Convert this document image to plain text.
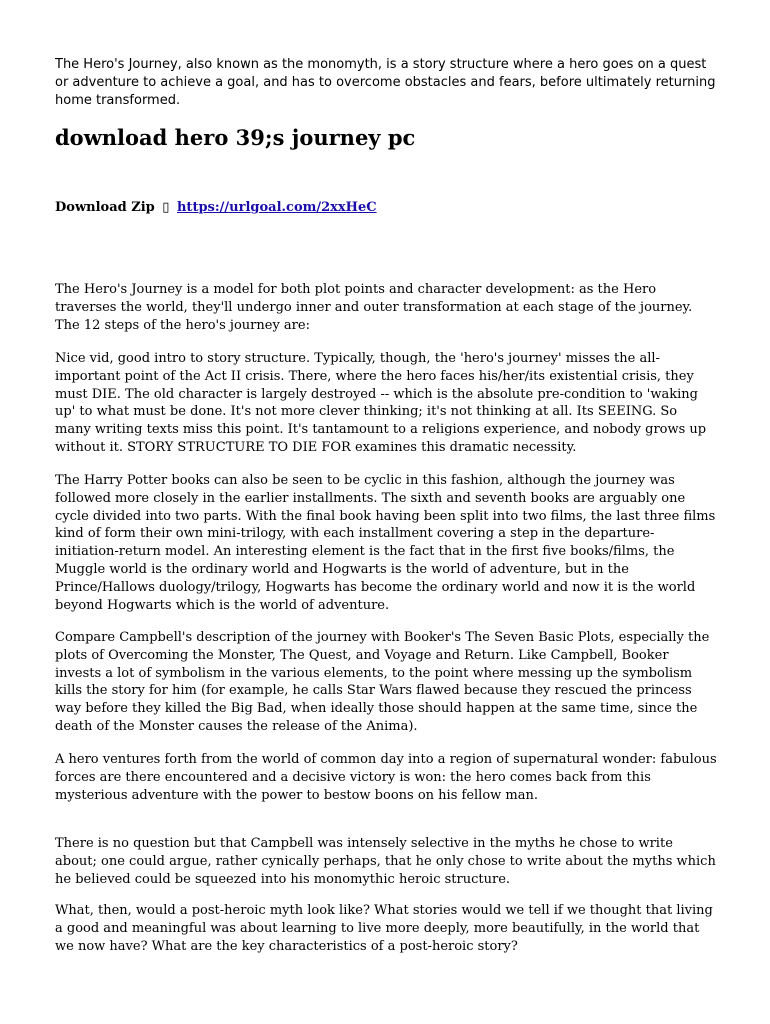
The Hero's Journey, also known as the monomyth, is a story structure where a hero goes on a quest or adventure to achieve a goal, and has to overcome obstacles and fears, before ultimately returning home transformed.

download hero 39;s journey pc

Download Zip ▯ https://urlgoal.com/2xxHeC

The Hero's Journey is a model for both plot points and character development: as the Hero traverses the world, they'll undergo inner and outer transformation at each stage of the journey. The 12 steps of the hero's journey are:

Nice vid, good intro to story structure. Typically, though, the 'hero's journey' misses the all-important point of the Act II crisis. There, where the hero faces his/her/its existential crisis, they must DIE. The old character is largely destroyed -- which is the absolute pre-condition to 'waking up' to what must be done. It's not more clever thinking; it's not thinking at all. Its SEEING. So many writing texts miss this point. It's tantamount to a religions experience, and nobody grows up without it. STORY STRUCTURE TO DIE FOR examines this dramatic necessity.

The Harry Potter books can also be seen to be cyclic in this fashion, although the journey was followed more closely in the earlier installments. The sixth and seventh books are arguably one cycle divided into two parts. With the final book having been split into two films, the last three films kind of form their own mini-trilogy, with each installment covering a step in the departure-initiation-return model. An interesting element is the fact that in the first five books/films, the Muggle world is the ordinary world and Hogwarts is the world of adventure, but in the Prince/Hallows duology/trilogy, Hogwarts has become the ordinary world and now it is the world beyond Hogwarts which is the world of adventure.

Compare Campbell's description of the journey with Booker's The Seven Basic Plots, especially the plots of Overcoming the Monster, The Quest, and Voyage and Return. Like Campbell, Booker invests a lot of symbolism in the various elements, to the point where messing up the symbolism kills the story for him (for example, he calls Star Wars flawed because they rescued the princess way before they killed the Big Bad, when ideally those should happen at the same time, since the death of the Monster causes the release of the Anima).

A hero ventures forth from the world of common day into a region of supernatural wonder: fabulous forces are there encountered and a decisive victory is won: the hero comes back from this mysterious adventure with the power to bestow boons on his fellow man.

There is no question but that Campbell was intensely selective in the myths he chose to write about; one could argue, rather cynically perhaps, that he only chose to write about the myths which he believed could be squeezed into his monomythic heroic structure.

What, then, would a post-heroic myth look like? What stories would we tell if we thought that living a good and meaningful was about learning to live more deeply, more beautifully, in the world that we now have? What are the key characteristics of a post-heroic story?
